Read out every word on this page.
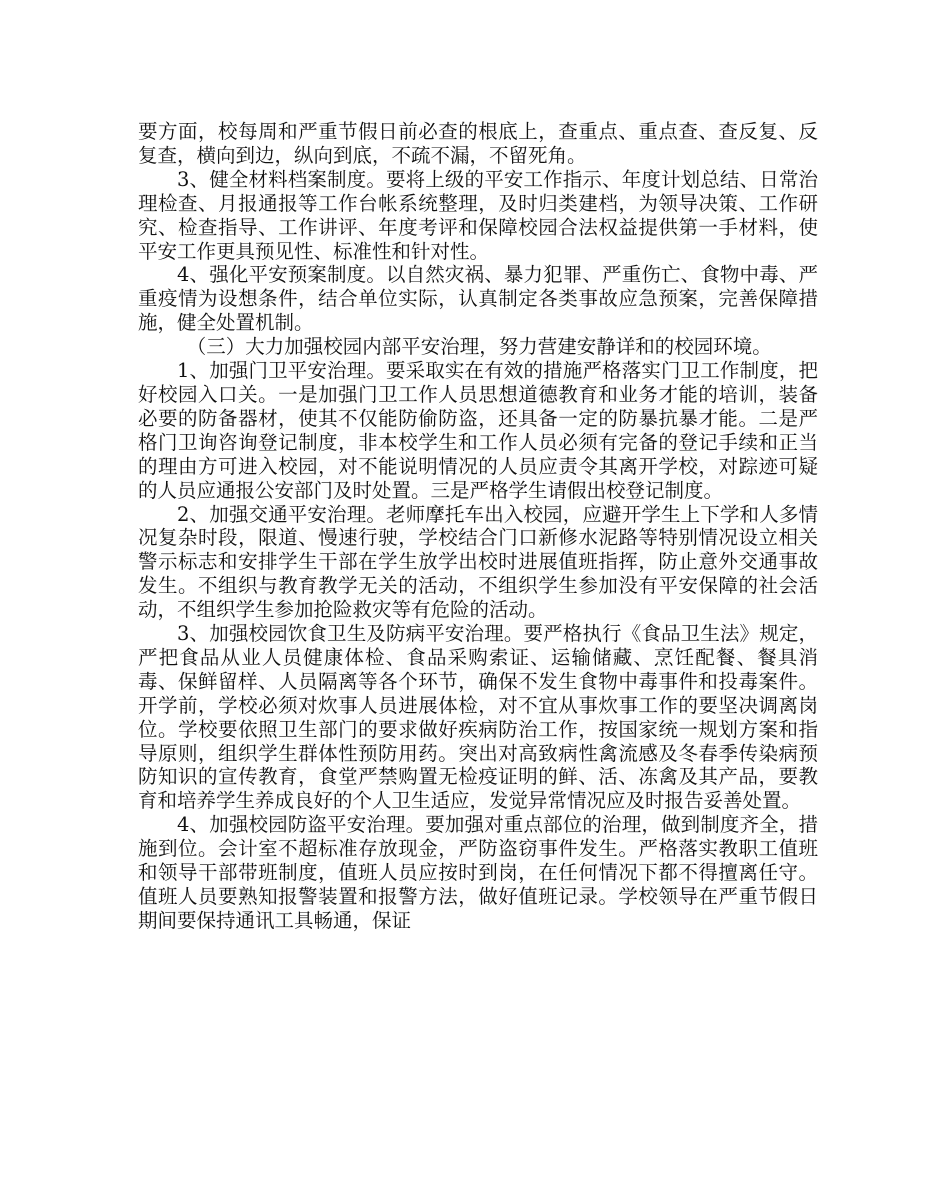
要方面，校每周和严重节假日前必查的根底上，查重点、重点查、查反复、反复查，横向到边，纵向到底，不疏不漏，不留死角。

3、健全材料档案制度。要将上级的平安工作指示、年度计划总结、日常治理检查、月报通报等工作台帐系统整理，及时归类建档，为领导决策、工作研究、检查指导、工作讲评、年度考评和保障校园合法权益提供第一手材料，使平安工作更具预见性、标准性和针对性。

4、强化平安预案制度。以自然灾祸、暴力犯罪、严重伤亡、食物中毒、严重疫情为设想条件，结合单位实际，认真制定各类事故应急预案，完善保障措施，健全处置机制。

（三）大力加强校园内部平安治理，努力营建安静详和的校园环境。

1、加强门卫平安治理。要采取实在有效的措施严格落实门卫工作制度，把好校园入口关。一是加强门卫工作人员思想道德教育和业务才能的培训，装备必要的防备器材，使其不仅能防偷防盗，还具备一定的防暴抗暴才能。二是严格门卫询咨询登记制度，非本校学生和工作人员必须有完备的登记手续和正当的理由方可进入校园，对不能说明情况的人员应责令其离开学校，对踪迹可疑的人员应通报公安部门及时处置。三是严格学生请假出校登记制度。

2、加强交通平安治理。老师摩托车出入校园，应避开学生上下学和人多情况复杂时段，限道、慢速行驶，学校结合门口新修水泥路等特别情况设立相关警示标志和安排学生干部在学生放学出校时进展值班指挥，防止意外交通事故发生。不组织与教育教学无关的活动，不组织学生参加没有平安保障的社会活动，不组织学生参加抢险救灾等有危险的活动。

3、加强校园饮食卫生及防病平安治理。要严格执行《食品卫生法》规定，严把食品从业人员健康体检、食品采购索证、运输储藏、烹饪配餐、餐具消毒、保鲜留样、人员隔离等各个环节，确保不发生食物中毒事件和投毒案件。开学前，学校必须对炊事人员进展体检，对不宜从事炊事工作的要坚决调离岗位。学校要依照卫生部门的要求做好疾病防治工作，按国家统一规划方案和指导原则，组织学生群体性预防用药。突出对高致病性禽流感及冬春季传染病预防知识的宣传教育，食堂严禁购置无检疫证明的鲜、活、冻禽及其产品，要教育和培养学生养成良好的个人卫生适应，发觉异常情况应及时报告妥善处置。

4、加强校园防盗平安治理。要加强对重点部位的治理，做到制度齐全，措施到位。会计室不超标准存放现金，严防盗窃事件发生。严格落实教职工值班和领导干部带班制度，值班人员应按时到岗，在任何情况下都不得擅离任守。值班人员要熟知报警装置和报警方法，做好值班记录。学校领导在严重节假日期间要保持通讯工具畅通，保证
